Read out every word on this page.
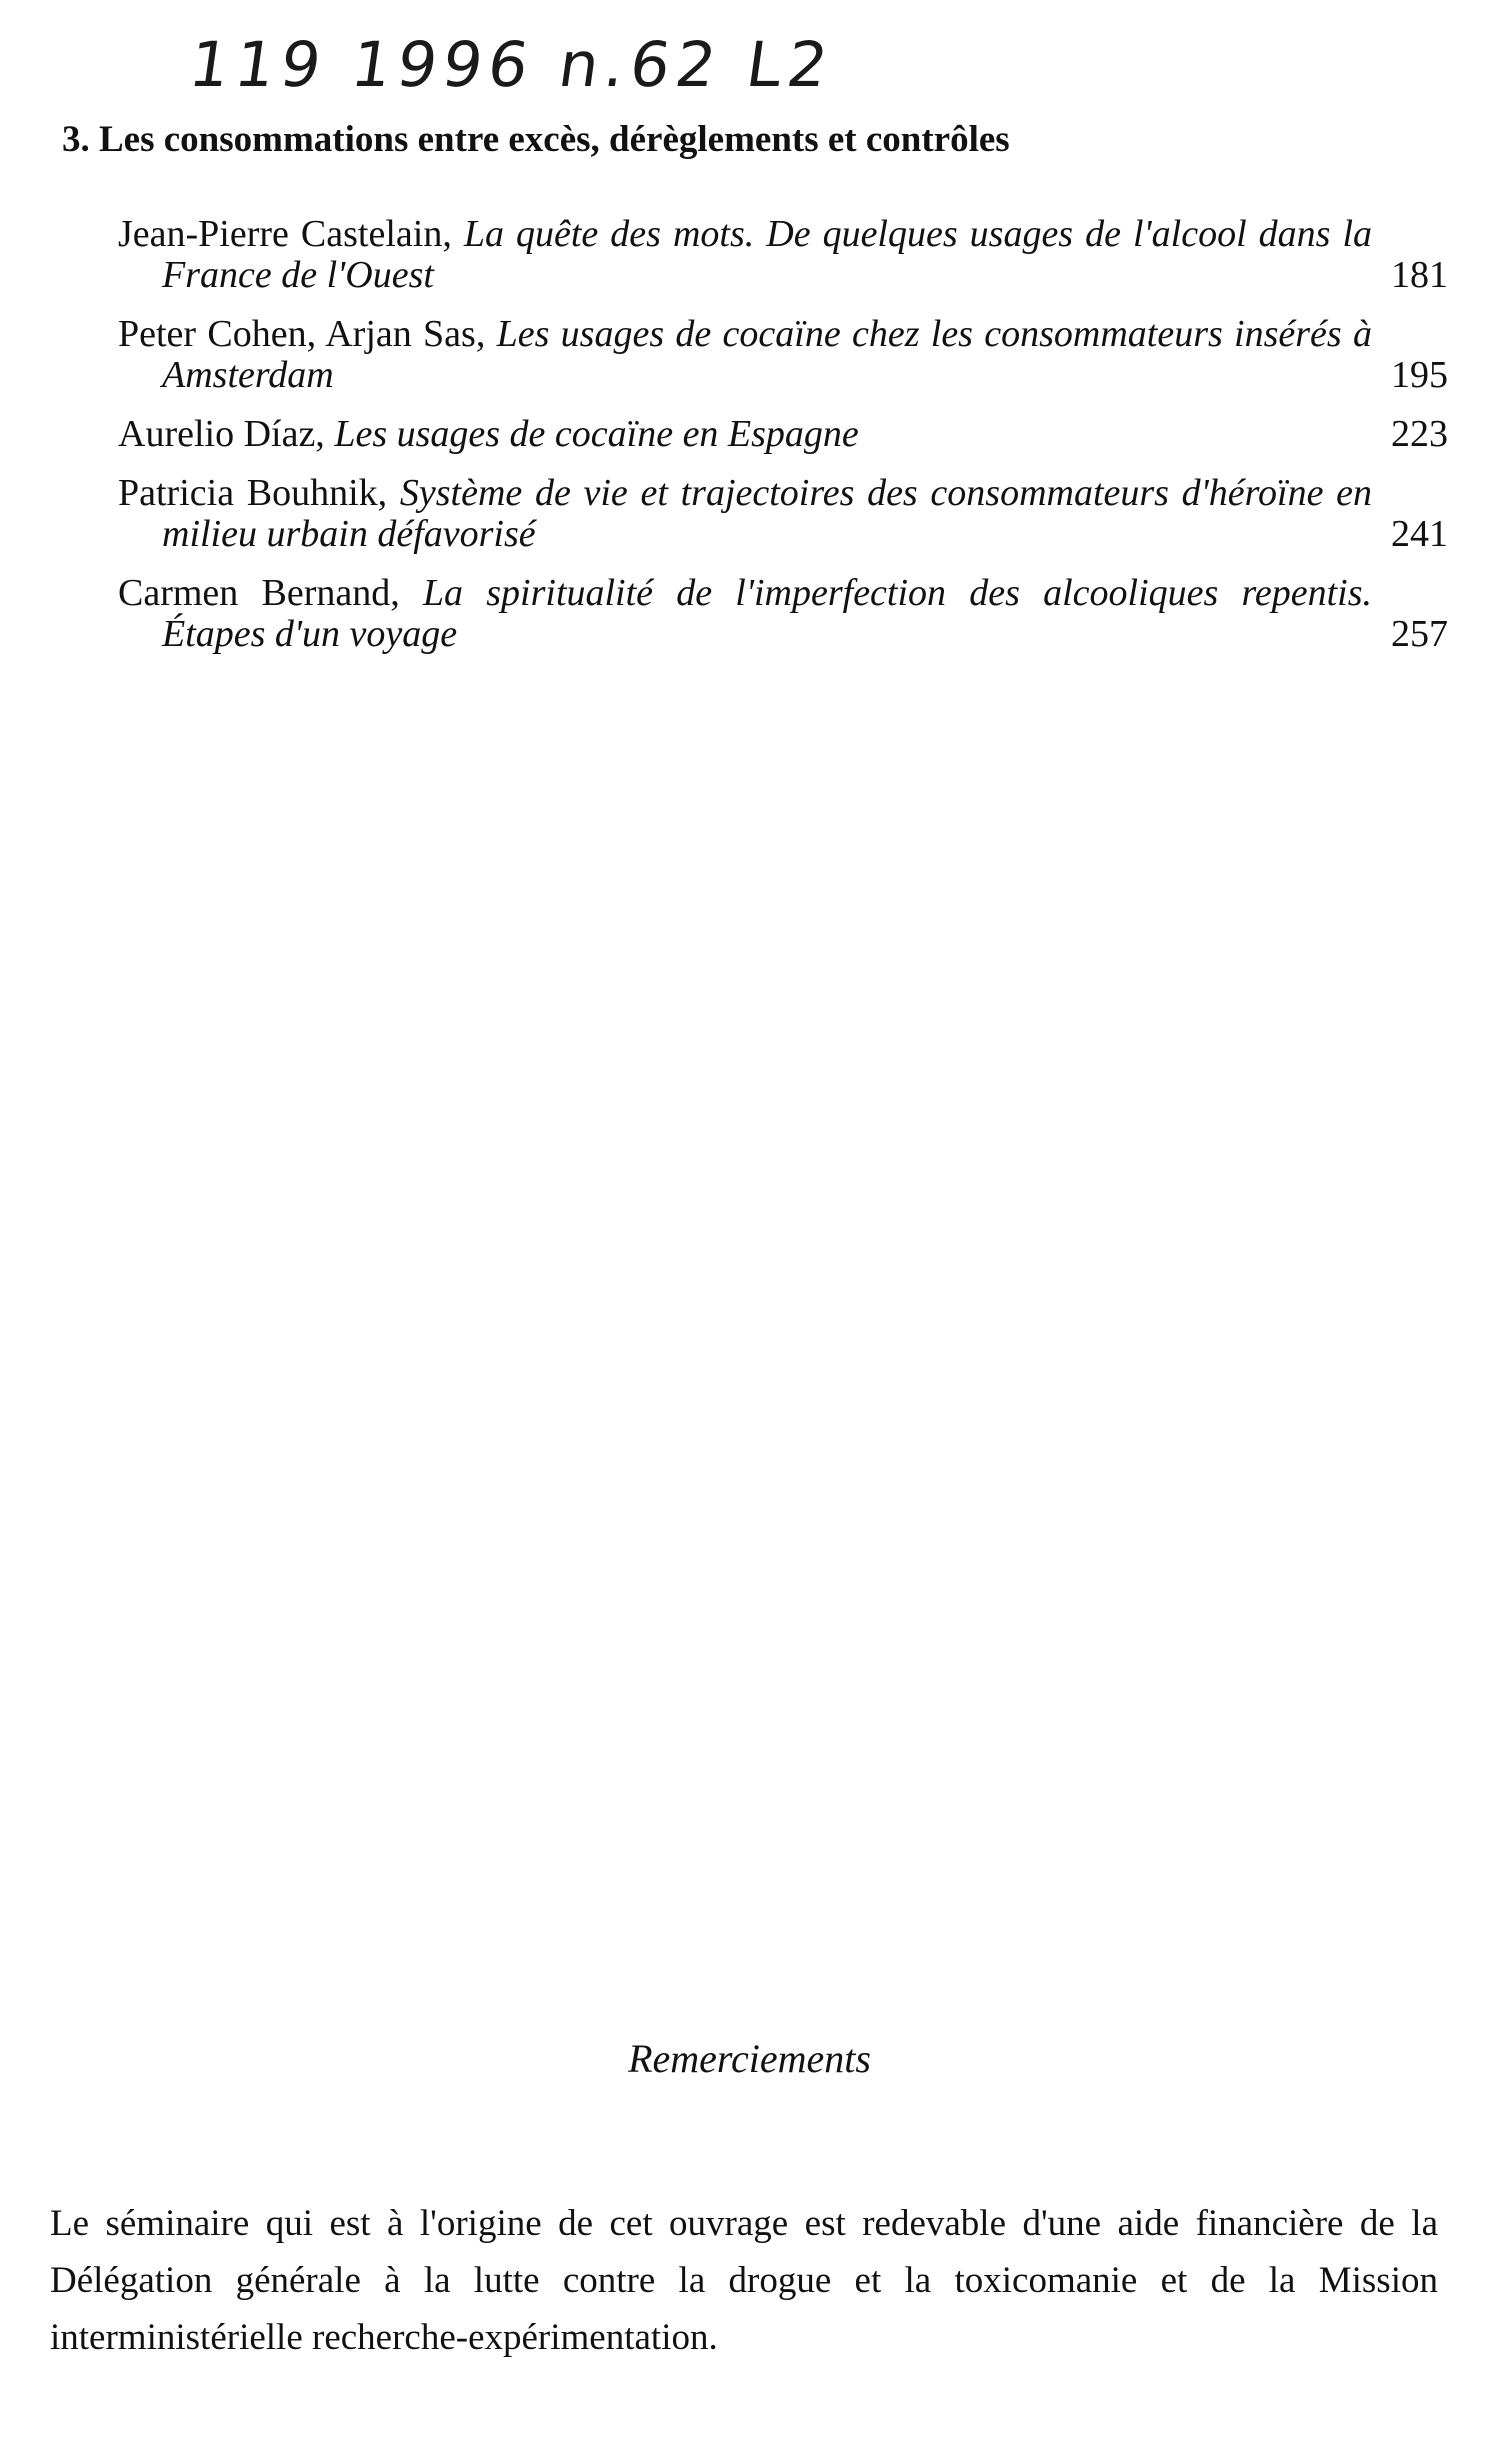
119 1996 n.62 L2
3. Les consommations entre excès, dérèglements et contrôles
Jean-Pierre Castelain, La quête des mots. De quelques usages de l'alcool dans la France de l'Ouest	181
Peter Cohen, Arjan Sas, Les usages de cocaïne chez les consommateurs insérés à Amsterdam	195
Aurelio Díaz, Les usages de cocaïne en Espagne	223
Patricia Bouhnik, Système de vie et trajectoires des consommateurs d'héroïne en milieu urbain défavorisé	241
Carmen Bernand, La spiritualité de l'imperfection des alcooliques repentis. Étapes d'un voyage	257
Remerciements
Le séminaire qui est à l'origine de cet ouvrage est redevable d'une aide financière de la Délégation générale à la lutte contre la drogue et la toxicomanie et de la Mission interministérielle recherche-expérimentation.
